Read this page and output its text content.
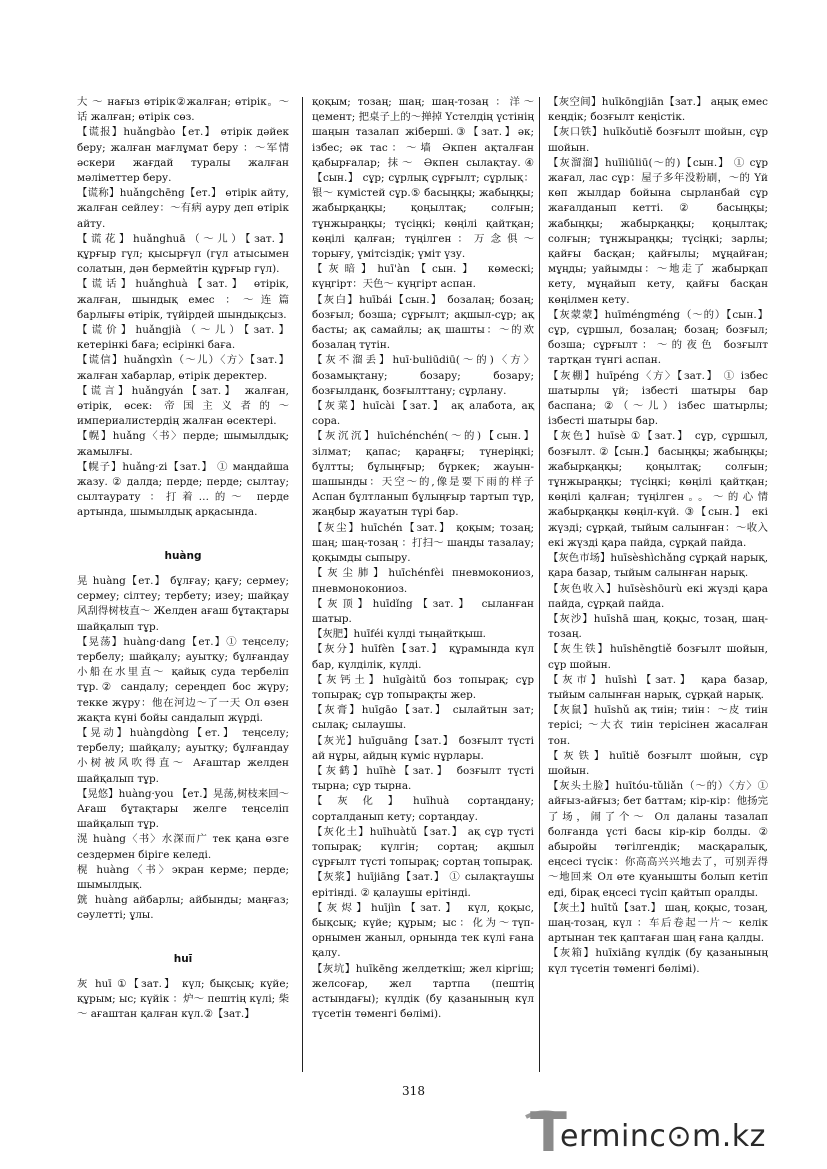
大 ～ нағыз өтірік②жалған; өтірік。～话 жалған; өтірік сөз.

【谎报】huǎngbào【ет.】 өтірік дәйек беру; жалған мағлұмат беру ：～军情 әскери жағдай туралы жалған мәліметтер беру.

【谎称】huǎngchēng【ет.】 өтірік айту, жалған сейлеу：～有病 ауру деп өтірік айту.

【谎花】huǎnghuā（～儿）【зат.】 құрғыр гүл; қысырғүл (гүл атысымен солатын, дән бермейтін құрғыр гүл).

【谎话】huǎnghuà【зат.】 өтірік, жалған, шындық емес ：～连篇 барлығы өтірік, түйірдей шындықсыз.

【谎价】huǎngjià（～儿）【зат.】 кетерінкі баға; есірінкі баға.

【谎信】huǎngxìn（～儿）〈方〉【зат.】 жалған хабарлар, өтірік деректер.

【谎言】huǎngyán【зат.】 жалған, өтірік, өсек: 帝国主义者的～ империалистердің жалған өсектері.

【幌】huǎng〈书〉перде; шымылдық; жамылғы.

【幌子】huǎng·zi【зат.】 ① маңдайша жазу. ② далда; перде; перде; сылтау; сылтаурату ：打着…的～ перде артында, шымылдық арқасында.

huàng

晃 huàng【ет.】 бұлғау; қағу; сермеу; сермеу; сілтеу; тербету; изеу; шайқау 风刮得树枝直～ Желден ағаш бұтақтары шайқалып тұр.

【晃荡】huàng·dang【ет.】① теңселу; тербелу; шайқалу; ауытқу; бұлғандау 小船在水里直～ қайық суда тербеліп тұр.② сандалу; сереңдеп бос жүру; текке жүру：他在河边～了一天 Ол өзен жақта күні бойы сандалып жүрді.

【晃动】huàngdòng【ет.】 теңселу; тербелу; шайқалу; ауытқу; бұлғандау 小树被风吹得直～ Ағаштар желден шайқалып тұр.

【晃悠】huàng·you 【ет.】晃荡,树枝来回～ Ағаш бұтақтары желге теңселіп шайқалып тұр.

滉 huàng〈书〉水深而广 тек қана өзге сездермен біріге келеді.

榥 huàng〈书〉экран керме; перде; шымылдық.

皝 huàng айбарлы; айбынды; маңғаз; сәулетті; ұлы.

huī

灰 huī ①【зат.】 күл; бықсық; күйе; құрым; ыс; күйік ：炉～ пештің күлі; 柴～ ағаштан қалған күл.②【зат.】

қоқым; тозаң; шаң; шаң-тозаң ：洋～ цемент; 把桌子上的～掸掉 Үстелдің үстінің шаңын тазалап жіберші.③【зат.】әк; ізбес; әк тас：～墙 Әкпен ақталған қабырғалар; 抹～ Әкпен сылақтау.④【сын.】 сұр; сұрлық сұрғылт; сұрлық：银～ күмістей сұр.⑤ басыңқы; жабыңқы; жабырқаңқы; қоңылтақ; солғын; тұнжыраңқы; түсіңкі; көңілі қайтқан; көңілі қалған; түңілген：万念俱～ торығу, үмітсіздік; үміт үзу.

【灰暗】huī'àn【сын.】 көмескі; күңгірт：天色～ күңгірт аспан.

【灰白】huībái【сын.】 бозалаң; бозаң; бозғыл; бозша; сұрғылт; ақшыл-сұр; ақ басты; ақ самайлы; ақ шашты：～的欢 бозалаң түтін.

【灰不溜丢】huī·buliūdiū(～的)〈方〉бозамықтану; бозару; бозару; бозғылданқ, бозғылттану; сұрлану.

【灰菜】huīcài【зат.】 ақ алабота, ақ сора.

【灰沉沉】huīchénchén(～的)【сын.】 зілмат; қапас; қараңғы; түнеріңкі; бұлтты; бұлыңғыр; бүркек; жауын-шашынды：天空～的,像是要下雨的样子 Аспан бұлтланып бұлыңғыр тартып тұр, жаңбыр жауатын түрі бар.

【灰尘】huīchén【зат.】 қоқым; тозаң; шаң; шаң-тозаң ：打扫～ шаңды тазалау; қоқымды сыпыру.

【灰尘肺】huīchénfèi пневмокониоз, пневмонокониоз.

【灰顶】huīdǐng【зат.】 сыланған шатыр.

【灰肥】huīféi күлді тыңайтқыш.

【灰分】huīfèn【зат.】 құрамында күл бар, күлділік, күлді.

【灰钙土】huīgàitǔ боз топырақ; сұр топырақ; сұр топырақты жер.

【灰膏】huīgāo【зат.】 сылайтын зат; сылақ; сылаушы.

【灰光】huīguāng【зат.】 бозғылт түсті ай нұры, айдың күміс нұрлары.

【灰鹤】huīhè【зат.】 бозғылт түсті тырна; сұр тырна.

【灰化】huīhuà сортаңдану; сорталданып кету; сортаңдау.

【灰化土】huīhuàtǔ【зат.】 ақ сұр түсті топырақ; күлгін; сортаң; ақшыл сұрғылт түсті топырақ; сортаң топырақ.

【灰浆】huījiāng【зат.】 ① сылақтаушы ерітінді. ② қалаушы ерітінді.

【灰烬】huījìn【зат.】 күл, қоқыс, бықсық; күйе; құрым; ыс：化为～түп-орнымен жаныл, орнында тек күлі ғана қалу.

【灰坑】huīkēng желдеткіш; жел кіргіш; желсоғар, жел тартпа (пештің астындағы); күлдік (бу қазанының күл түсетін төменгі бөлімі).

【灰空间】huīkōngjiān【зат.】 аңық емес кеңдік; бозғылт кеңістік.

【灰口铁】huīkǒutiě бозғылт шойын, сұр шойын.

【灰溜溜】huīliūliū(～的)【сын.】 ① сұр жағал, лас сұр：屋子多年没粉刷，～的 Үй көп жылдар бойына сырланбай сұр жағалданып кетті. ② басыңқы; жабыңқы; жабырқаңқы; қоңылтақ; солғын; тұнжыраңқы; түсіңкі; зарлы; қайғы басқан; қайғылы; мұңайған; мұңды; уайымды：～地走了 жабырқап кету, мұңайып кету, қайғы басқан көңілмен кету.

【灰蒙蒙】huīméngméng（～的）【сын.】 сұр, сұршыл, бозалаң; бозаң; бозғыл; бозша; сұрғылт：～的夜色 бозғылт тартқан түнгі аспан.

【灰棚】huīpéng〈方〉【зат.】 ① ізбес шатырлы үй; ізбесті шатыры бар баспана; ②（～儿）ізбес шатырлы; ізбесті шатыры бар.

【灰色】huīsè ①【зат.】 сұр, сұршыл, бозғылт. ②【сын.】 басыңқы; жабыңқы; жабырқаңқы; қоңылтақ; солғын; тұнжыраңқы; түсіңкі; көңілі қайтқан; көңілі қалған; түңілген。。～的心情 жабырқаңқы көңіл-күй. ③【сын.】 екі жүзді; сұрқай, тыйым салынған：～收入 екі жүзді қара пайда, сұрқай пайда.

【灰色市场】huīsèshìchǎng сұрқай нарық, қара базар, тыйым салынған нарық.

【灰色收入】huīsèshōurù екі жүзді қара пайда, сұрқай пайда.

【灰沙】huīshā шаң, қоқыс, тозаң, шаң-тозаң.

【灰生铁】huīshēngtiě бозғылт шойын, сұр шойын.

【灰市】huīshì【зат.】 қара базар, тыйым салынған нарық, сұрқай нарық.

【灰鼠】huīshǔ ақ тиін; тиін：～皮 тиін терісі; ～大衣 тиін терісінен жасалған тон.

【灰铁】huītiě бозғылт шойын, сұр шойын.

【灰头土脸】huītóu-tǔliǎn（～的）〈方〉① айғыз-айғыз; бет баттам; кір-кір：他扬完了场，闹了个～ Ол даланы тазалап болғанда үсті басы кір-кір болды. ② абыройы төгілгендік; масқаралық, еңсесі түсік：你高高兴兴地去了，可别弄得～地回来 Ол өте қуанышты болып кетіп еді, бірақ еңсесі түсіп қайтып оралды.

【灰土】huītǔ【зат.】 шаң, қоқыс, тозаң, шаң-тозаң, күл ：车后卷起一片～ келік артынан тек қаптаған шаң ғана қалды.

【灰箱】huīxiāng күлдік (бу қазанының күл түсетін төменгі бөлімі).

318
T
erminc⊙m.kz
